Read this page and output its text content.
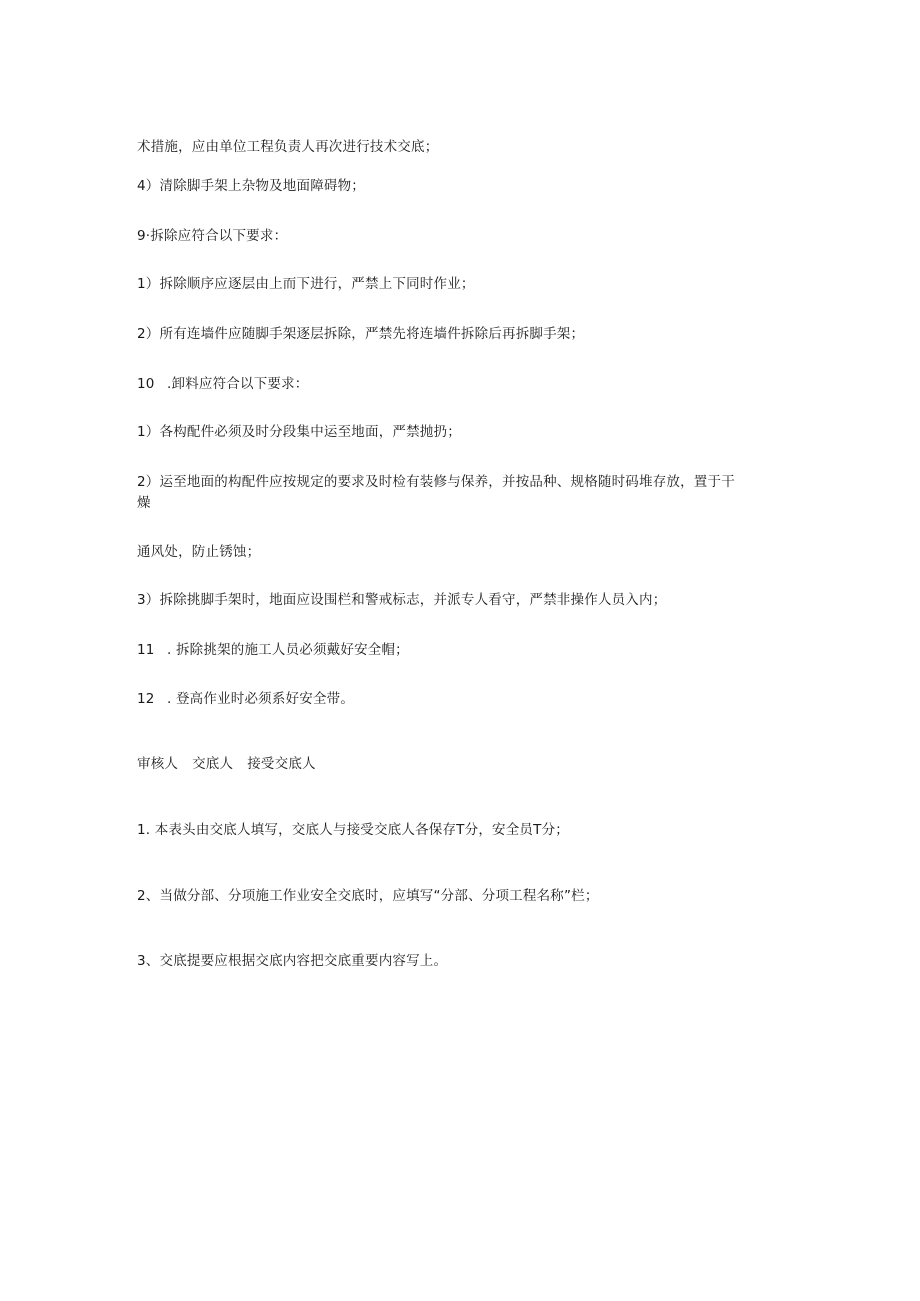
术措施，应由单位工程负责人再次进行技术交底；
4）清除脚手架上杂物及地面障碍物；
9·拆除应符合以下要求：
1）拆除顺序应逐层由上而下进行，严禁上下同时作业；
2）所有连墙件应随脚手架逐层拆除，严禁先将连墙件拆除后再拆脚手架；
10 .卸料应符合以下要求：
1）各构配件必须及时分段集中运至地面，严禁抛扔；
2）运至地面的构配件应按规定的要求及时检有装修与保养，并按品种、规格随时码堆存放，置于干
燥
通风处，防止锈蚀；
3）拆除挑脚手架时，地面应设围栏和警戒标志，并派专人看守，严禁非操作人员入内；
11 . 拆除挑架的施工人员必须戴好安全帽；
12 . 登高作业时必须系好安全带。
审核人 交底人 接受交底人
1. 本表头由交底人填写，交底人与接受交底人各保存T分，安全员T分；
2、当做分部、分项施工作业安全交底时，应填写“分部、分项工程名称”栏；
3、交底提要应根据交底内容把交底重要内容写上。
